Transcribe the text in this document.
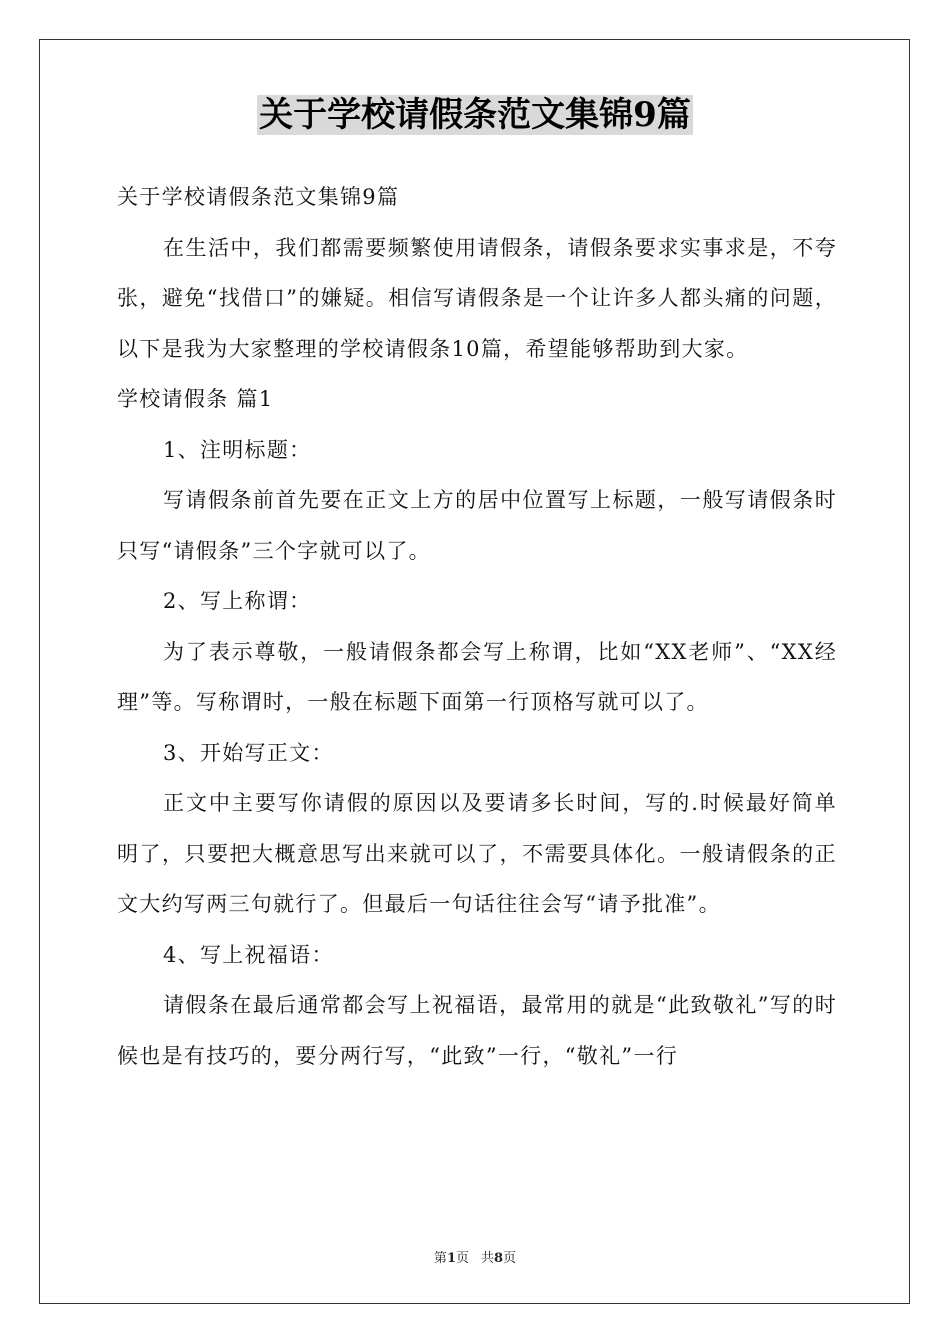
关于学校请假条范文集锦9篇

关于学校请假条范文集锦9篇

在生活中，我们都需要频繁使用请假条，请假条要求实事求是，不夸张，避免“找借口”的嫌疑。相信写请假条是一个让许多人都头痛的问题，以下是我为大家整理的学校请假条10篇，希望能够帮助到大家。

学校请假条 篇1

1、注明标题：

写请假条前首先要在正文上方的居中位置写上标题，一般写请假条时只写“请假条”三个字就可以了。

2、写上称谓：

为了表示尊敬，一般请假条都会写上称谓，比如“XX老师”、“XX经理”等。写称谓时，一般在标题下面第一行顶格写就可以了。

3、开始写正文：

正文中主要写你请假的原因以及要请多长时间，写的.时候最好简单明了，只要把大概意思写出来就可以了，不需要具体化。一般请假条的正文大约写两三句就行了。但最后一句话往往会写“请予批准”。

4、写上祝福语：

请假条在最后通常都会写上祝福语，最常用的就是“此致敬礼”写的时候也是有技巧的，要分两行写，“此致”一行，“敬礼”一行

第1页 共8页
